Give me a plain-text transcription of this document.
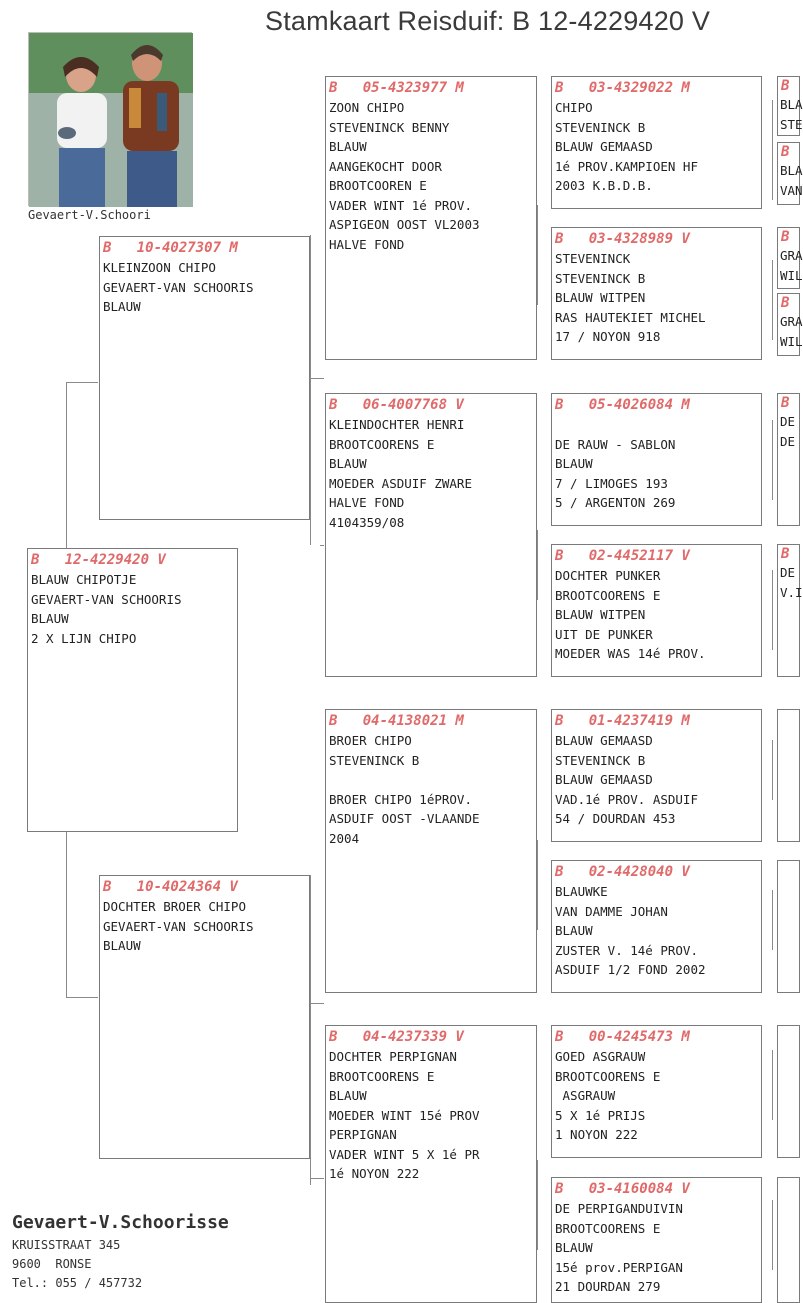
Stamkaart Reisduif: B 12-4229420 V
Gevaert-V.Schoori
B   12-4229420 V
BLAUW CHIPOTJE
GEVAERT-VAN SCHOORIS
BLAUW
2 X LIJN CHIPO
B   10-4027307 M
KLEINZOON CHIPO
GEVAERT-VAN SCHOORIS
BLAUW
B   10-4024364 V
DOCHTER BROER CHIPO
GEVAERT-VAN SCHOORIS
BLAUW
B   05-4323977 M
ZOON CHIPO
STEVENINCK BENNY
BLAUW
AANGEKOCHT DOOR
BROOTCOOREN E
VADER WINT 1é PROV.
ASPIGEON OOST VL2003
HALVE FOND
B   06-4007768 V
KLEINDOCHTER HENRI
BROOTCOORENS E
BLAUW
MOEDER ASDUIF ZWARE
HALVE FOND
4104359/08
B   04-4138021 M
BROER CHIPO
STEVENINCK B
BROER CHIPO 1éPROV.
ASDUIF OOST -VLAANDE
2004
B   04-4237339 V
DOCHTER PERPIGNAN
BROOTCOORENS E
BLAUW
MOEDER WINT 15é PROV
PERPIGNAN
VADER WINT 5 X 1é PR
1é NOYON 222
B   03-4329022 M
CHIPO
STEVENINCK B
BLAUW GEMAASD
1é PROV.KAMPIOEN HF
2003 K.B.D.B.
B   03-4328989 V
STEVENINCK
STEVENINCK B
BLAUW WITPEN
RAS HAUTEKIET MICHEL
17 / NOYON 918
B   05-4026084 M
DE RAUW - SABLON
BLAUW
7 / LIMOGES 193
5 / ARGENTON 269
B   02-4452117 V
DOCHTER PUNKER
BROOTCOORENS E
BLAUW WITPEN
UIT DE PUNKER
MOEDER WAS 14é PROV.
B   01-4237419 M
BLAUW GEMAASD
STEVENINCK B
BLAUW GEMAASD
VAD.1é PROV. ASDUIF
54 / DOURDAN 453
B   02-4428040 V
BLAUWKE
VAN DAMME JOHAN
BLAUW
ZUSTER V. 14é PROV.
ASDUIF 1/2 FOND 2002
B   00-4245473 M
GOED ASGRAUW
BROOTCOORENS E
ASGRAUW
5 X 1é PRIJS
1 NOYON 222
B   03-4160084 V
DE PERPIGANDUIVIN
BROOTCOORENS E
BLAUW
15é prov.PERPIGAN
21 DOURDAN 279
B
BLA
STE
B
BLA
VAN
B
GRA
WIL
B
GRA
WIL
B
DE
DE
B
DE
V.I
Gevaert-V.Schoorisse
KRUISSTRAAT 345
9600  RONSE
Tel.: 055 / 457732
